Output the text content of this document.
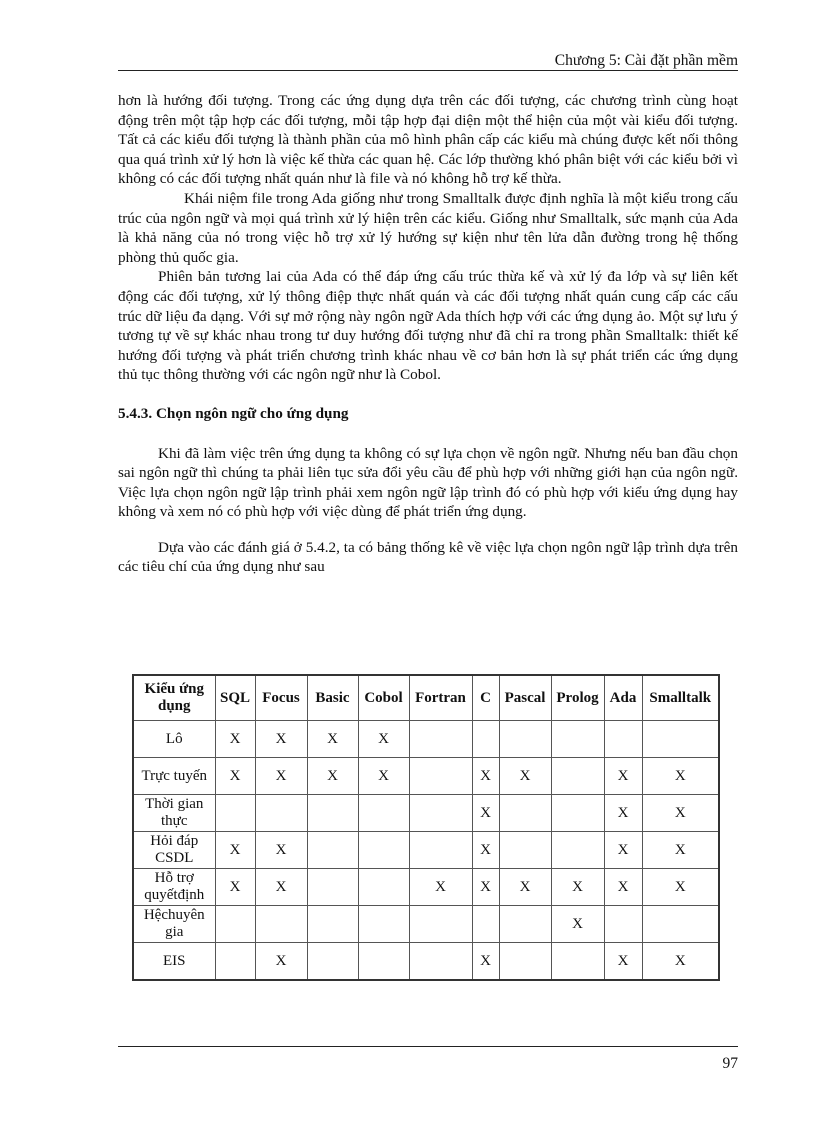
Chương 5: Cài đặt phần mềm

hơn là hướng đối tượng. Trong các ứng dụng dựa trên các đối tượng, các chương trình cùng hoạt động trên một tập hợp các đối tượng, mỗi tập hợp đại diện một thể hiện của một vài kiểu đối tượng. Tất cả các kiểu đối tượng là thành phần của mô hình phân cấp các kiểu mà chúng được kết nối thông qua quá trình xử lý hơn là việc kế thừa các quan hệ. Các lớp thường khó phân biệt với các kiểu bởi vì không có các đối tượng nhất quán như là file và nó không hỗ trợ kế thừa.

Khái niệm file trong Ada giống như trong Smalltalk được định nghĩa là một kiểu trong cấu trúc của ngôn ngữ và mọi quá trình xử lý hiện trên các kiểu. Giống như Smalltalk, sức mạnh của Ada là khả năng của nó trong việc hỗ trợ xử lý hướng sự kiện như tên lửa dẫn đường trong hệ thống phòng thủ quốc gia.

Phiên bản tương lai của Ada có thể đáp ứng cấu trúc thừa kế và xử lý đa lớp và sự liên kết động các đối tượng, xử lý thông điệp thực nhất quán và các đối tượng nhất quán cung cấp các cấu trúc dữ liệu đa dạng. Với sự mở rộng này ngôn ngữ Ada thích hợp với các ứng dụng ảo. Một sự lưu ý tương tự về sự khác nhau trong tư duy hướng đối tượng như đã chỉ ra trong phần Smalltalk: thiết kế hướng đối tượng và phát triển chương trình khác nhau về cơ bản hơn là sự phát triển các ứng dụng thủ tục thông thường với các ngôn ngữ như là Cobol.

5.4.3. Chọn ngôn ngữ cho ứng dụng

Khi đã làm việc trên ứng dụng ta không có sự lựa chọn về ngôn ngữ. Nhưng nếu ban đầu chọn sai ngôn ngữ thì chúng ta phải liên tục sửa đổi yêu cầu để phù hợp với những giới hạn của ngôn ngữ. Việc lựa chọn ngôn ngữ lập trình phải xem ngôn ngữ lập trình đó có phù hợp với kiểu ứng dụng hay không và xem nó có phù hợp với việc dùng để phát triển ứng dụng.

Dựa vào các đánh giá ở 5.4.2, ta có bảng thống kê về việc lựa chọn ngôn ngữ lập trình dựa trên các tiêu chí của ứng dụng như sau

Kiểu ứng dụng	SQL	Focus	Basic	Cobol	Fortran	C	Pascal	Prolog	Ada	Smalltalk
Lô	X	X	X	X						
Trực tuyến	X	X	X	X		X	X		X	X
Thời gian thực						X			X	X
Hỏi đáp CSDL	X	X				X			X	X
Hỗ trợ quyếtđịnh	X	X			X	X	X	X	X	X
Hệchuyên gia								X		
EIS		X				X			X	X
97
